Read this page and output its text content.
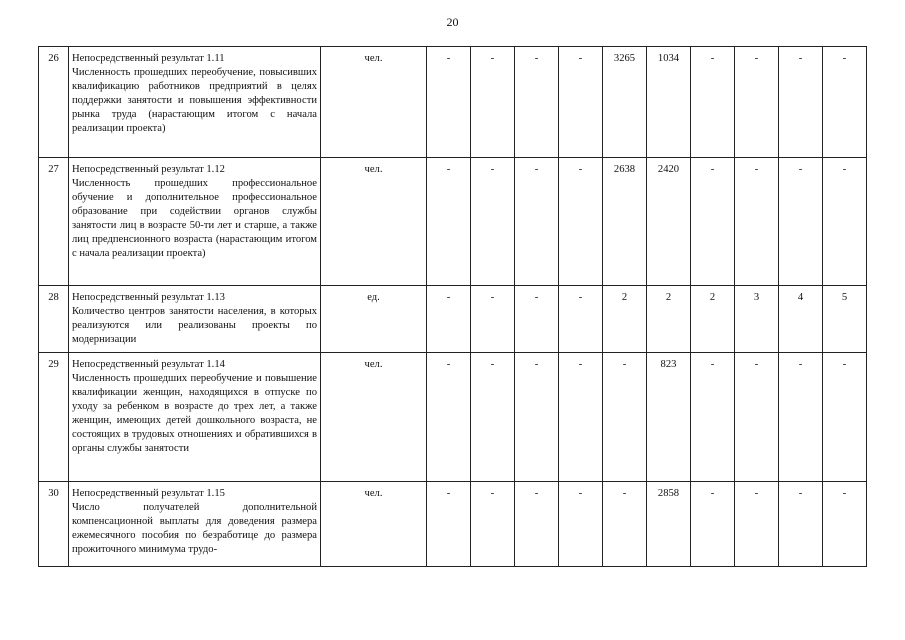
20
26	Непосредственный результат 1.11
Численность прошедших переобучение, повысивших квалификацию работников предприятий в целях поддержки занятости и повышения эффективности рынка труда (нарастающим итогом с начала реализации проекта)	чел.	-	-	-	-	3265	1034	-	-	-	-
27	Непосредственный результат 1.12
Численность прошедших профессиональное обучение и дополнительное профессиональное образование при содействии органов службы занятости лиц в возрасте 50-ти лет и старше, а также лиц предпенсионного возраста (нарастающим итогом с начала реализации проекта)	чел.	-	-	-	-	2638	2420	-	-	-	-
28	Непосредственный результат 1.13
Количество центров занятости населения, в которых реализуются или реализованы проекты по модернизации	ед.	-	-	-	-	2	2	2	3	4	5
29	Непосредственный результат 1.14
Численность прошедших переобучение и повышение квалификации женщин, находящихся в отпуске по уходу за ребенком в возрасте до трех лет, а также женщин, имеющих детей дошкольного возраста, не состоящих в трудовых отношениях и обратившихся в органы службы занятости	чел.	-	-	-	-	-	823	-	-	-	-
30	Непосредственный результат 1.15
Число получателей дополнительной компенсационной выплаты для доведения размера ежемесячного пособия по безработице до размера прожиточного минимума трудо-	чел.	-	-	-	-	-	2858	-	-	-	-
